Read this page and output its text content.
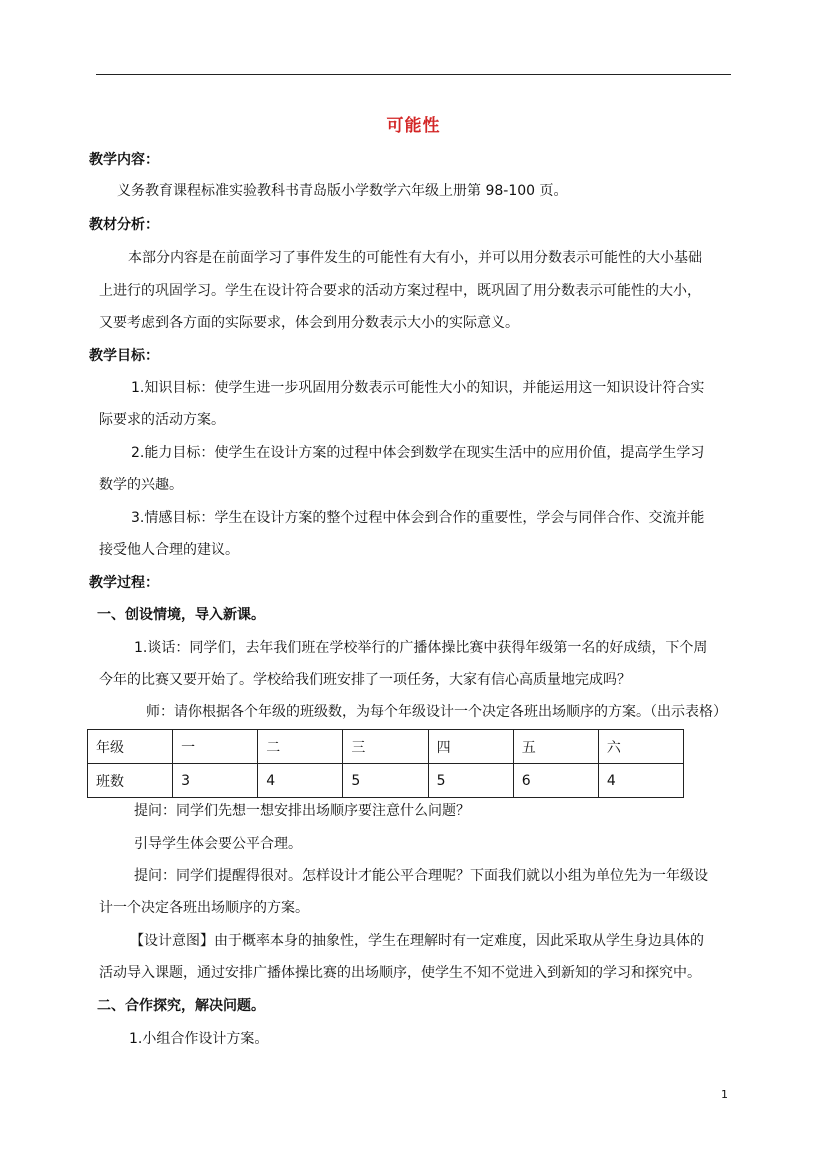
可能性
教学内容：
义务教育课程标准实验教科书青岛版小学数学六年级上册第 98-100 页。
教材分析：
本部分内容是在前面学习了事件发生的可能性有大有小，并可以用分数表示可能性的大小基础
上进行的巩固学习。学生在设计符合要求的活动方案过程中，既巩固了用分数表示可能性的大小，
又要考虑到各方面的实际要求，体会到用分数表示大小的实际意义。
教学目标：
1.知识目标：使学生进一步巩固用分数表示可能性大小的知识，并能运用这一知识设计符合实
际要求的活动方案。
2.能力目标：使学生在设计方案的过程中体会到数学在现实生活中的应用价值，提高学生学习
数学的兴趣。
3.情感目标：学生在设计方案的整个过程中体会到合作的重要性，学会与同伴合作、交流并能
接受他人合理的建议。
教学过程：
一、创设情境，导入新课。
1.谈话：同学们，去年我们班在学校举行的广播体操比赛中获得年级第一名的好成绩，下个周
今年的比赛又要开始了。学校给我们班安排了一项任务，大家有信心高质量地完成吗？
师：请你根据各个年级的班级数，为每个年级设计一个决定各班出场顺序的方案。（出示表格）
年级	一	二	三	四	五	六
班数	3	4	5	5	6	4
提问：同学们先想一想安排出场顺序要注意什么问题？
引导学生体会要公平合理。
提问：同学们提醒得很对。怎样设计才能公平合理呢？下面我们就以小组为单位先为一年级设
计一个决定各班出场顺序的方案。
【设计意图】由于概率本身的抽象性，学生在理解时有一定难度，因此采取从学生身边具体的
活动导入课题，通过安排广播体操比赛的出场顺序，使学生不知不觉进入到新知的学习和探究中。
二、合作探究，解决问题。
1.小组合作设计方案。
1
